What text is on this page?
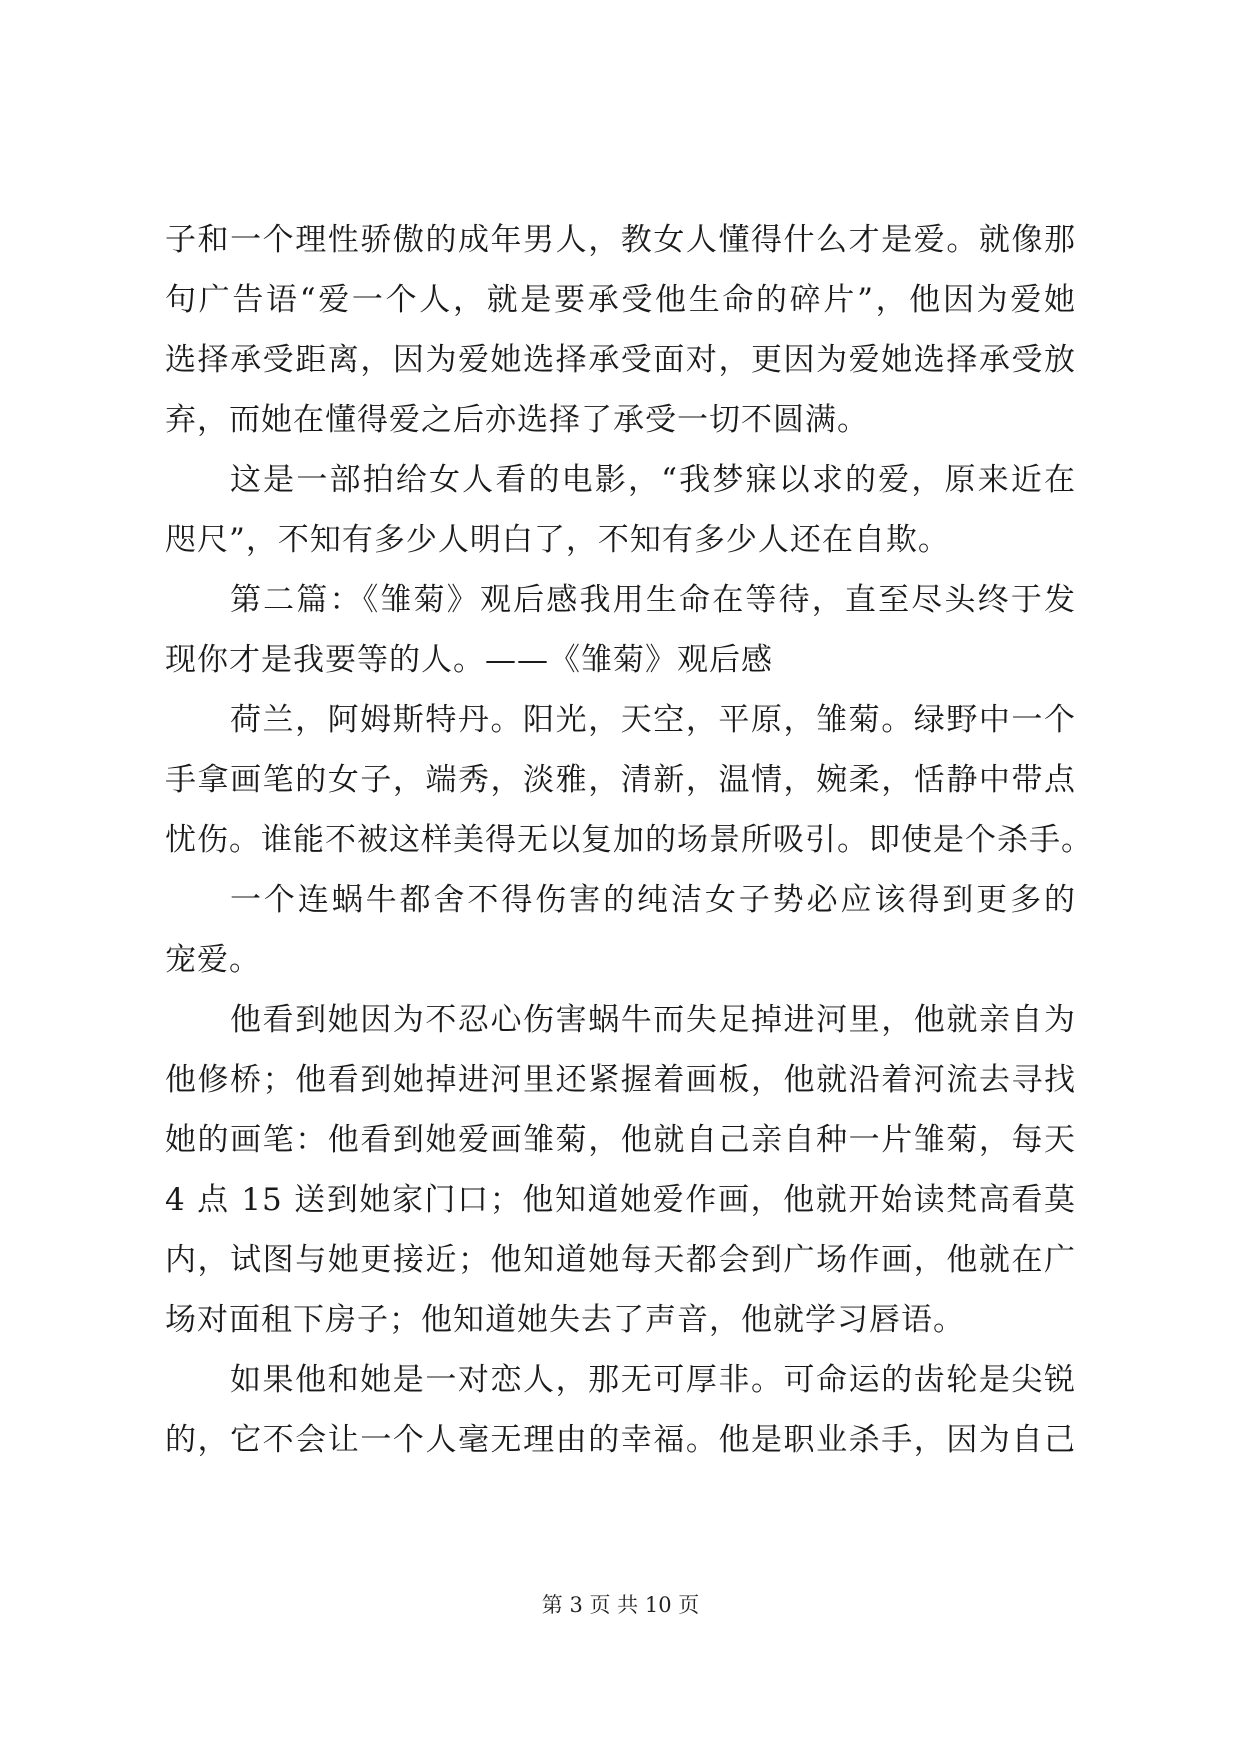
子和一个理性骄傲的成年男人，教女人懂得什么才是爱。就像那
句广告语“爱一个人，就是要承受他生命的碎片”，他因为爱她
选择承受距离，因为爱她选择承受面对，更因为爱她选择承受放
弃，而她在懂得爱之后亦选择了承受一切不圆满。
这是一部拍给女人看的电影，“我梦寐以求的爱，原来近在
咫尺”，不知有多少人明白了，不知有多少人还在自欺。
第二篇：《雏菊》观后感我用生命在等待，直至尽头终于发
现你才是我要等的人。——《雏菊》观后感
荷兰，阿姆斯特丹。阳光，天空，平原，雏菊。绿野中一个
手拿画笔的女子，端秀，淡雅，清新，温情，婉柔，恬静中带点
忧伤。谁能不被这样美得无以复加的场景所吸引。即使是个杀手。
一个连蜗牛都舍不得伤害的纯洁女子势必应该得到更多的
宠爱。
他看到她因为不忍心伤害蜗牛而失足掉进河里，他就亲自为
他修桥；他看到她掉进河里还紧握着画板，他就沿着河流去寻找
她的画笔：他看到她爱画雏菊，他就自己亲自种一片雏菊，每天
4 点 15 送到她家门口；他知道她爱作画，他就开始读梵高看莫
内，试图与她更接近；他知道她每天都会到广场作画，他就在广
场对面租下房子；他知道她失去了声音，他就学习唇语。
如果他和她是一对恋人，那无可厚非。可命运的齿轮是尖锐
的，它不会让一个人毫无理由的幸福。他是职业杀手，因为自己
第 3 页 共 10 页
